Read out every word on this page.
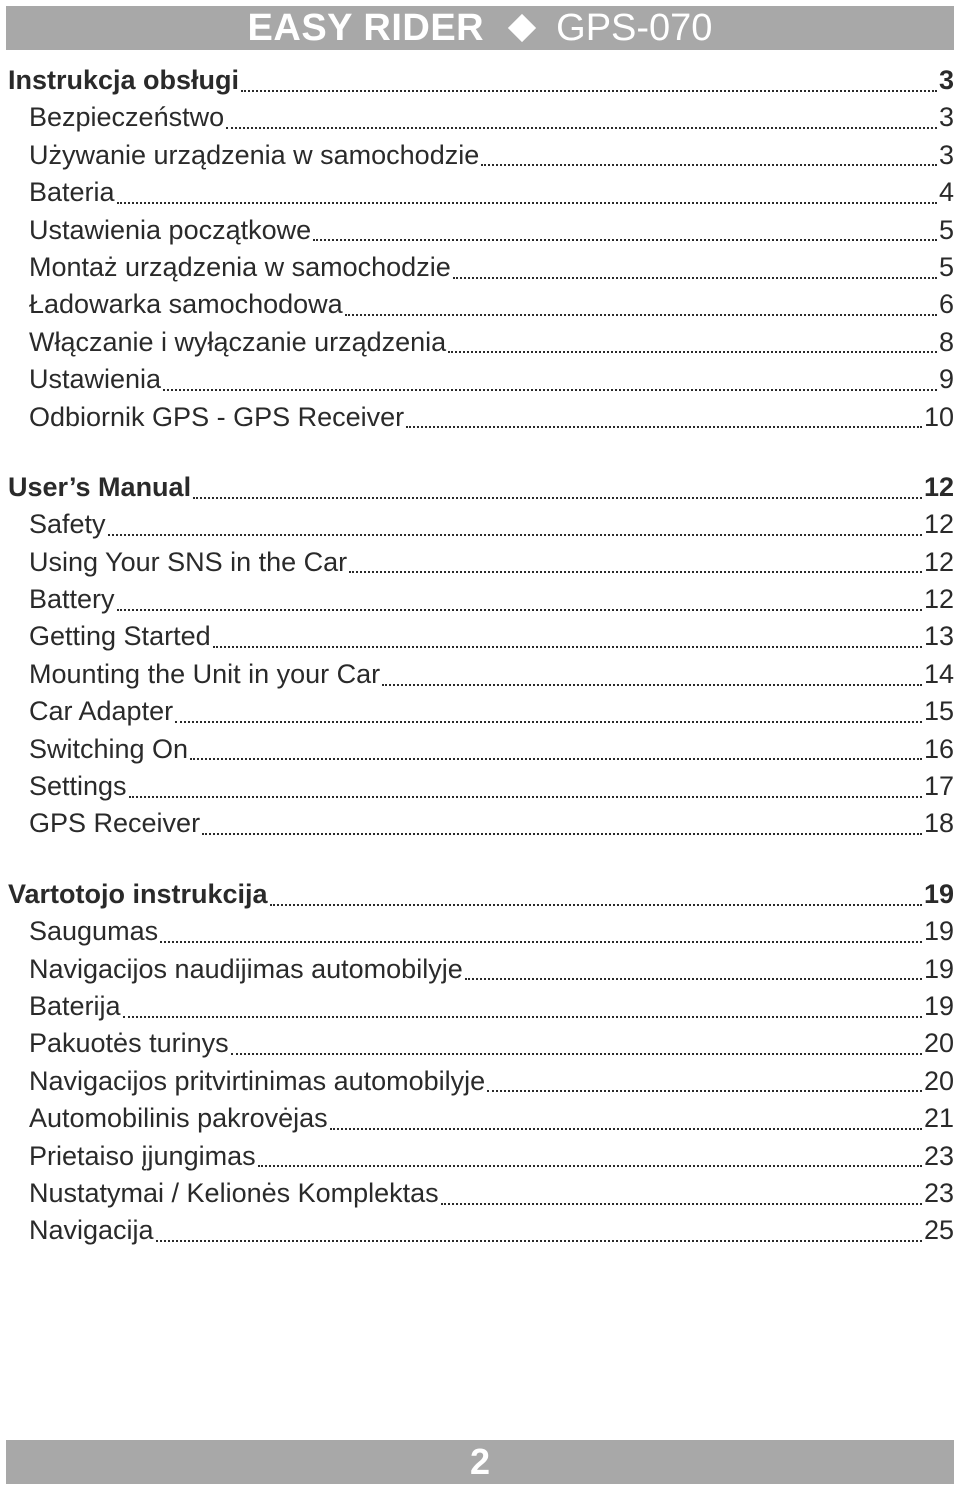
EASY RIDER GPS-070
Instrukcja obsługi	3
Bezpieczeństwo	3
Używanie urządzenia w samochodzie	3
Bateria	4
Ustawienia początkowe	5
Montaż urządzenia w samochodzie	5
Ładowarka samochodowa	6
Włączanie i wyłączanie urządzenia	8
Ustawienia	9
Odbiornik GPS - GPS Receiver	10
User’s Manual	12
Safety	12
Using Your SNS in the Car	12
Battery	12
Getting Started	13
Mounting the Unit in your Car	14
Car Adapter	15
Switching On	16
Settings	17
GPS Receiver	18
Vartotojo instrukcija	19
Saugumas	19
Navigacijos naudijimas automobilyje	19
Baterija	19
Pakuotės turinys	20
Navigacijos pritvirtinimas automobilyje	20
Automobilinis pakrovėjas	21
Prietaiso įjungimas	23
Nustatymai / Kelionės Komplektas	23
Navigacija	25
2
